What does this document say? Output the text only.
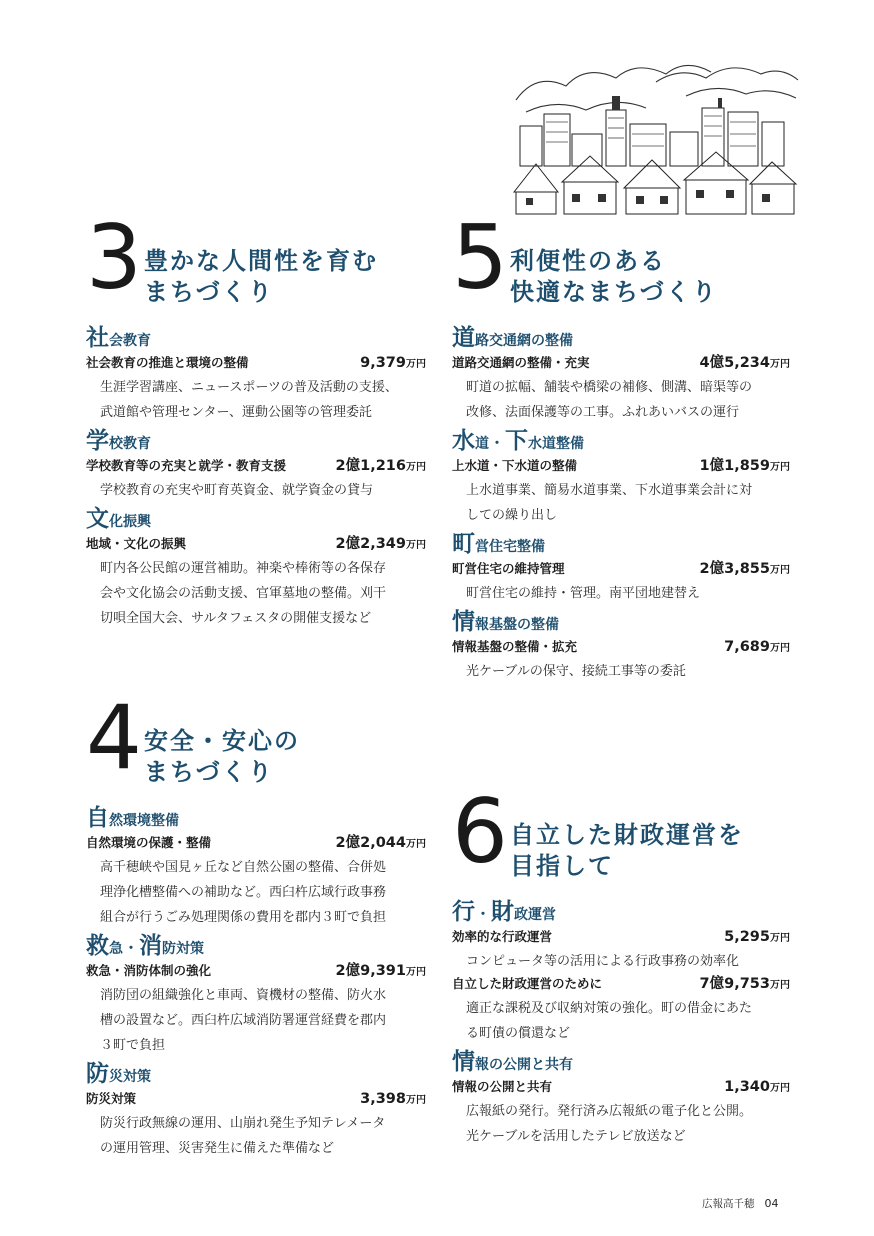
3 豊かな人間性を育む
まちづくり
社会教育
社会教育の推進と環境の整備	9,379万円
生涯学習講座、ニュースポーツの普及活動の支援、
武道館や管理センター、運動公園等の管理委託
学校教育
学校教育等の充実と就学・教育支援	2億1,216万円
学校教育の充実や町育英資金、就学資金の貸与
文化振興
地域・文化の振興	2億2,349万円
町内各公民館の運営補助。神楽や棒術等の各保存
会や文化協会の活動支援、官軍墓地の整備。刈干
切唄全国大会、サルタフェスタの開催支援など
5 利便性のある
快適なまちづくり
道路交通網の整備
道路交通網の整備・充実	4億5,234万円
町道の拡幅、舗装や橋梁の補修、側溝、暗渠等の
改修、法面保護等の工事。ふれあいバスの運行
水道・下水道整備
上水道・下水道の整備	1億1,859万円
上水道事業、簡易水道事業、下水道事業会計に対
しての繰り出し
町営住宅整備
町営住宅の維持管理	2億3,855万円
町営住宅の維持・管理。南平団地建替え
情報基盤の整備
情報基盤の整備・拡充	7,689万円
光ケーブルの保守、接続工事等の委託
4 安全・安心の
まちづくり
自然環境整備
自然環境の保護・整備	2億2,044万円
高千穂峡や国見ヶ丘など自然公園の整備、合併処
理浄化槽整備への補助など。西臼杵広域行政事務
組合が行うごみ処理関係の費用を郡内３町で負担
救急・消防対策
救急・消防体制の強化	2億9,391万円
消防団の組織強化と車両、資機材の整備、防火水
槽の設置など。西臼杵広域消防署運営経費を郡内
３町で負担
防災対策
防災対策	3,398万円
防災行政無線の運用、山崩れ発生予知テレメータ
の運用管理、災害発生に備えた準備など
6 自立した財政運営を
目指して
行・財政運営
効率的な行政運営	5,295万円
コンピュータ等の活用による行政事務の効率化
自立した財政運営のために	7億9,753万円
適正な課税及び収納対策の強化。町の借金にあた
る町債の償還など
情報の公開と共有
情報の公開と共有	1,340万円
広報紙の発行。発行済み広報紙の電子化と公開。
光ケーブルを活用したテレビ放送など
広報高千穂 04
